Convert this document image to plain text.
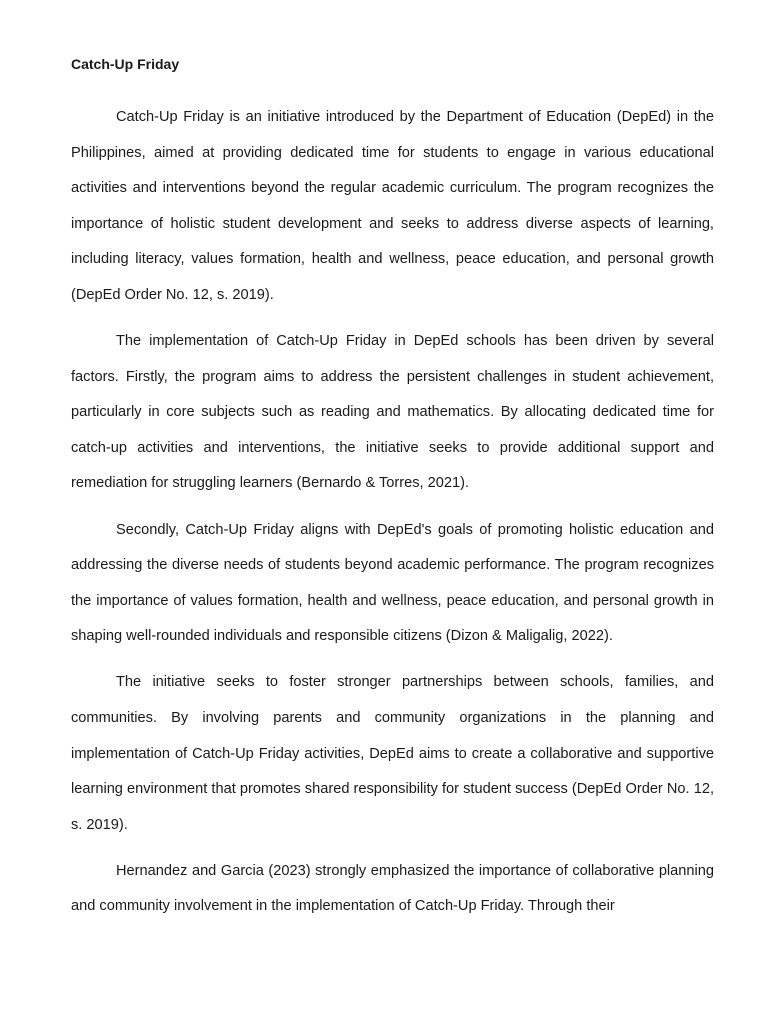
Catch-Up Friday

Catch-Up Friday is an initiative introduced by the Department of Education (DepEd) in the Philippines, aimed at providing dedicated time for students to engage in various educational activities and interventions beyond the regular academic curriculum. The program recognizes the importance of holistic student development and seeks to address diverse aspects of learning, including literacy, values formation, health and wellness, peace education, and personal growth (DepEd Order No. 12, s. 2019).

The implementation of Catch-Up Friday in DepEd schools has been driven by several factors. Firstly, the program aims to address the persistent challenges in student achievement, particularly in core subjects such as reading and mathematics. By allocating dedicated time for catch-up activities and interventions, the initiative seeks to provide additional support and remediation for struggling learners (Bernardo & Torres, 2021).

Secondly, Catch-Up Friday aligns with DepEd's goals of promoting holistic education and addressing the diverse needs of students beyond academic performance. The program recognizes the importance of values formation, health and wellness, peace education, and personal growth in shaping well-rounded individuals and responsible citizens (Dizon & Maligalig, 2022).

The initiative seeks to foster stronger partnerships between schools, families, and communities. By involving parents and community organizations in the planning and implementation of Catch-Up Friday activities, DepEd aims to create a collaborative and supportive learning environment that promotes shared responsibility for student success (DepEd Order No. 12, s. 2019).

Hernandez and Garcia (2023) strongly emphasized the importance of collaborative planning and community involvement in the implementation of Catch-Up Friday. Through their
